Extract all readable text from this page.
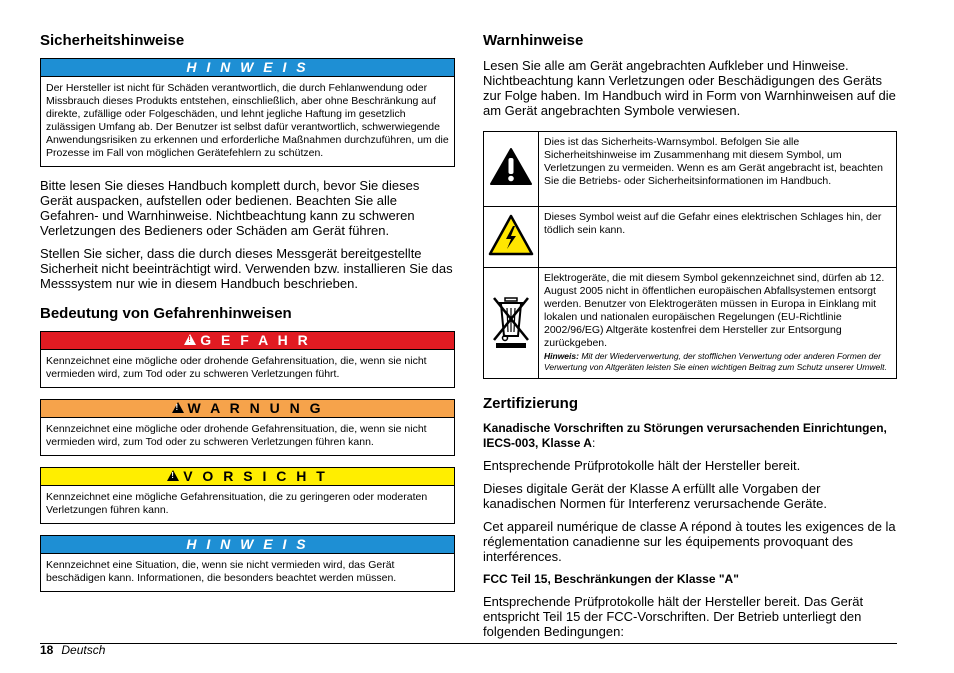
Sicherheitshinweise
H I N W E I S
Der Hersteller ist nicht für Schäden verantwortlich, die durch Fehlanwendung oder Missbrauch dieses Produkts entstehen, einschließlich, aber ohne Beschränkung auf direkte, zufällige oder Folgeschäden, und lehnt jegliche Haftung im gesetzlich zulässigen Umfang ab. Der Benutzer ist selbst dafür verantwortlich, schwerwiegende Anwendungsrisiken zu erkennen und erforderliche Maßnahmen durchzuführen, um die Prozesse im Fall von möglichen Gerätefehlern zu schützen.

Bitte lesen Sie dieses Handbuch komplett durch, bevor Sie dieses Gerät auspacken, aufstellen oder bedienen. Beachten Sie alle Gefahren- und Warnhinweise. Nichtbeachtung kann zu schweren Verletzungen des Bedieners oder Schäden am Gerät führen.

Stellen Sie sicher, dass die durch dieses Messgerät bereitgestellte Sicherheit nicht beeinträchtigt wird. Verwenden bzw. installieren Sie das Messsystem nur wie in diesem Handbuch beschrieben.

Bedeutung von Gefahrenhinweisen
! G E F A H R
Kennzeichnet eine mögliche oder drohende Gefahrensituation, die, wenn sie nicht vermieden wird, zum Tod oder zu schweren Verletzungen führt.
! W A R N U N G
Kennzeichnet eine mögliche oder drohende Gefahrensituation, die, wenn sie nicht vermieden wird, zum Tod oder zu schweren Verletzungen führen kann.
! V O R S I C H T
Kennzeichnet eine mögliche Gefahrensituation, die zu geringeren oder moderaten Verletzungen führen kann.
H I N W E I S
Kennzeichnet eine Situation, die, wenn sie nicht vermieden wird, das Gerät beschädigen kann. Informationen, die besonders beachtet werden müssen.
Warnhinweise

Lesen Sie alle am Gerät angebrachten Aufkleber und Hinweise. Nichtbeachtung kann Verletzungen oder Beschädigungen des Geräts zur Folge haben. Im Handbuch wird in Form von Warnhinweisen auf die am Gerät angebrachten Symbole verwiesen.

	Dies ist das Sicherheits-Warnsymbol. Befolgen Sie alle Sicherheitshinweise im Zusammenhang mit diesem Symbol, um Verletzungen zu vermeiden. Wenn es am Gerät angebracht ist, beachten Sie die Betriebs- oder Sicherheitsinformationen im Handbuch.
	Dieses Symbol weist auf die Gefahr eines elektrischen Schlages hin, der tödlich sein kann.
	Elektrogeräte, die mit diesem Symbol gekennzeichnet sind, dürfen ab 12. August 2005 nicht in öffentlichen europäischen Abfallsystemen entsorgt werden. Benutzer von Elektrogeräten müssen in Europa in Einklang mit lokalen und nationalen europäischen Regelungen (EU-Richtlinie 2002/96/EG) Altgeräte kostenfrei dem Hersteller zur Entsorgung zurückgeben.
Hinweis: Mit der Wiederverwertung, der stofflichen Verwertung oder anderen Formen der Verwertung von Altgeräten leisten Sie einen wichtigen Beitrag zum Schutz unserer Umwelt.
Zertifizierung

Kanadische Vorschriften zu Störungen verursachenden Einrichtungen, IECS-003, Klasse A:

Entsprechende Prüfprotokolle hält der Hersteller bereit.

Dieses digitale Gerät der Klasse A erfüllt alle Vorgaben der kanadischen Normen für Interferenz verursachende Geräte.

Cet appareil numérique de classe A répond à toutes les exigences de la réglementation canadienne sur les équipements provoquant des interférences.

FCC Teil 15, Beschränkungen der Klasse "A"

Entsprechende Prüfprotokolle hält der Hersteller bereit. Das Gerät entspricht Teil 15 der FCC-Vorschriften. Der Betrieb unterliegt den folgenden Bedingungen:

18 Deutsch
